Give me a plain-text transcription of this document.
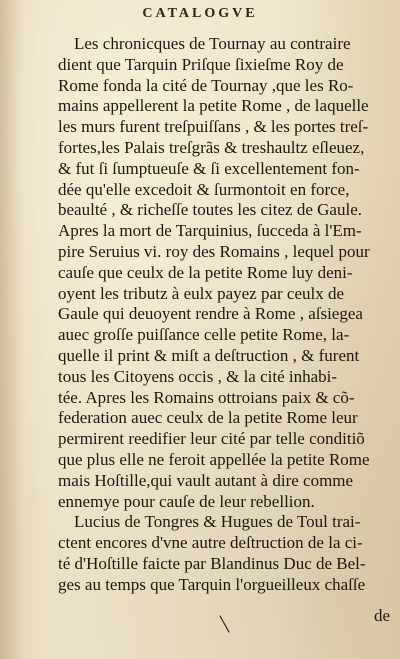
CATALOGVE
Les chronicques de Tournay au contraire
dient que Tarquin Priſque ſixieſme Roy de
Rome fonda la cité de Tournay ,que les Ro-
mains appellerent la petite Rome , de laquelle
les murs furent treſpuiſſans , & les portes treſ-
fortes,les Palais treſgrãs & treshaultz eſleuez,
& fut ſi ſumptueuſe & ſi excellentement fon-
dée qu'elle excedoit & ſurmontoit en force,
beaulté , & richeſſe toutes les citez de Gaule.
Apres la mort de Tarquinius, ſucceda à l'Em-
pire Seruius vi. roy des Romains , lequel pour
cauſe que ceulx de la petite Rome luy deni-
oyent les tributz à eulx payez par ceulx de
Gaule qui deuoyent rendre à Rome , aſsiegea
auec groſſe puiſſance celle petite Rome, la-
quelle il print & miſt a deſtruction , & furent
tous les Citoyens occis , & la cité inhabi-
tée. Apres les Romains ottroians paix & cõ-
federation auec ceulx de la petite Rome leur
permirent reedifier leur cité par telle conditiõ
que plus elle ne feroit appellée la petite Rome
mais Hoſtille,qui vault autant à dire comme
ennemye pour cauſe de leur rebellion.
Lucius de Tongres & Hugues de Toul trai-
ctent encores d'vne autre deſtruction de la ci-
té d'Hoſtille faicte par Blandinus Duc de Bel-
ges au temps que Tarquin l'orgueilleux chaſſe
de
